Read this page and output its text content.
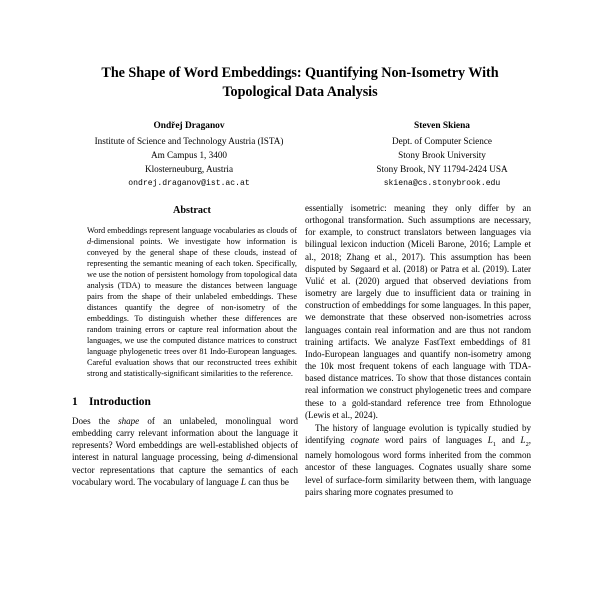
The Shape of Word Embeddings: Quantifying Non-Isometry With Topological Data Analysis
Ondřej Draganov
Institute of Science and Technology Austria (ISTA)
Am Campus 1, 3400
Klosterneuburg, Austria
ondrej.draganov@ist.ac.at
Steven Skiena
Dept. of Computer Science
Stony Brook University
Stony Brook, NY 11794-2424 USA
skiena@cs.stonybrook.edu
Abstract
Word embeddings represent language vocabularies as clouds of d-dimensional points. We investigate how information is conveyed by the general shape of these clouds, instead of representing the semantic meaning of each token. Specifically, we use the notion of persistent homology from topological data analysis (TDA) to measure the distances between language pairs from the shape of their unlabeled embeddings. These distances quantify the degree of non-isometry of the embeddings. To distinguish whether these differences are random training errors or capture real information about the languages, we use the computed distance matrices to construct language phylogenetic trees over 81 Indo-European languages. Careful evaluation shows that our reconstructed trees exhibit strong and statistically-significant similarities to the reference.
1 Introduction

Does the shape of an unlabeled, monolingual word embedding carry relevant information about the language it represents? Word embeddings are well-established objects of interest in natural language processing, being d-dimensional vector representations that capture the semantics of each vocabulary word. The vocabulary of language L can thus be

essentially isometric: meaning they only differ by an orthogonal transformation. Such assumptions are necessary, for example, to construct translators between languages via bilingual lexicon induction (Miceli Barone, 2016; Lample et al., 2018; Zhang et al., 2017). This assumption has been disputed by Søgaard et al. (2018) or Patra et al. (2019). Later Vulić et al. (2020) argued that observed deviations from isometry are largely due to insufficient data or training in construction of embeddings for some languages. In this paper, we demonstrate that these observed non-isometries across languages contain real information and are thus not random training artifacts. We analyze FastText embeddings of 81 Indo-European languages and quantify non-isometry among the 10k most frequent tokens of each language with TDA-based distance matrices. To show that those distances contain real information we construct phylogenetic trees and compare these to a gold-standard reference tree from Ethnologue (Lewis et al., 2024).

The history of language evolution is typically studied by identifying cognate word pairs of languages $L_1$ and $L_2$, namely homologous word forms inherited from the common ancestor of these languages. Cognates usually share some level of surface-form similarity between them, with language pairs sharing more cognates presumed to
